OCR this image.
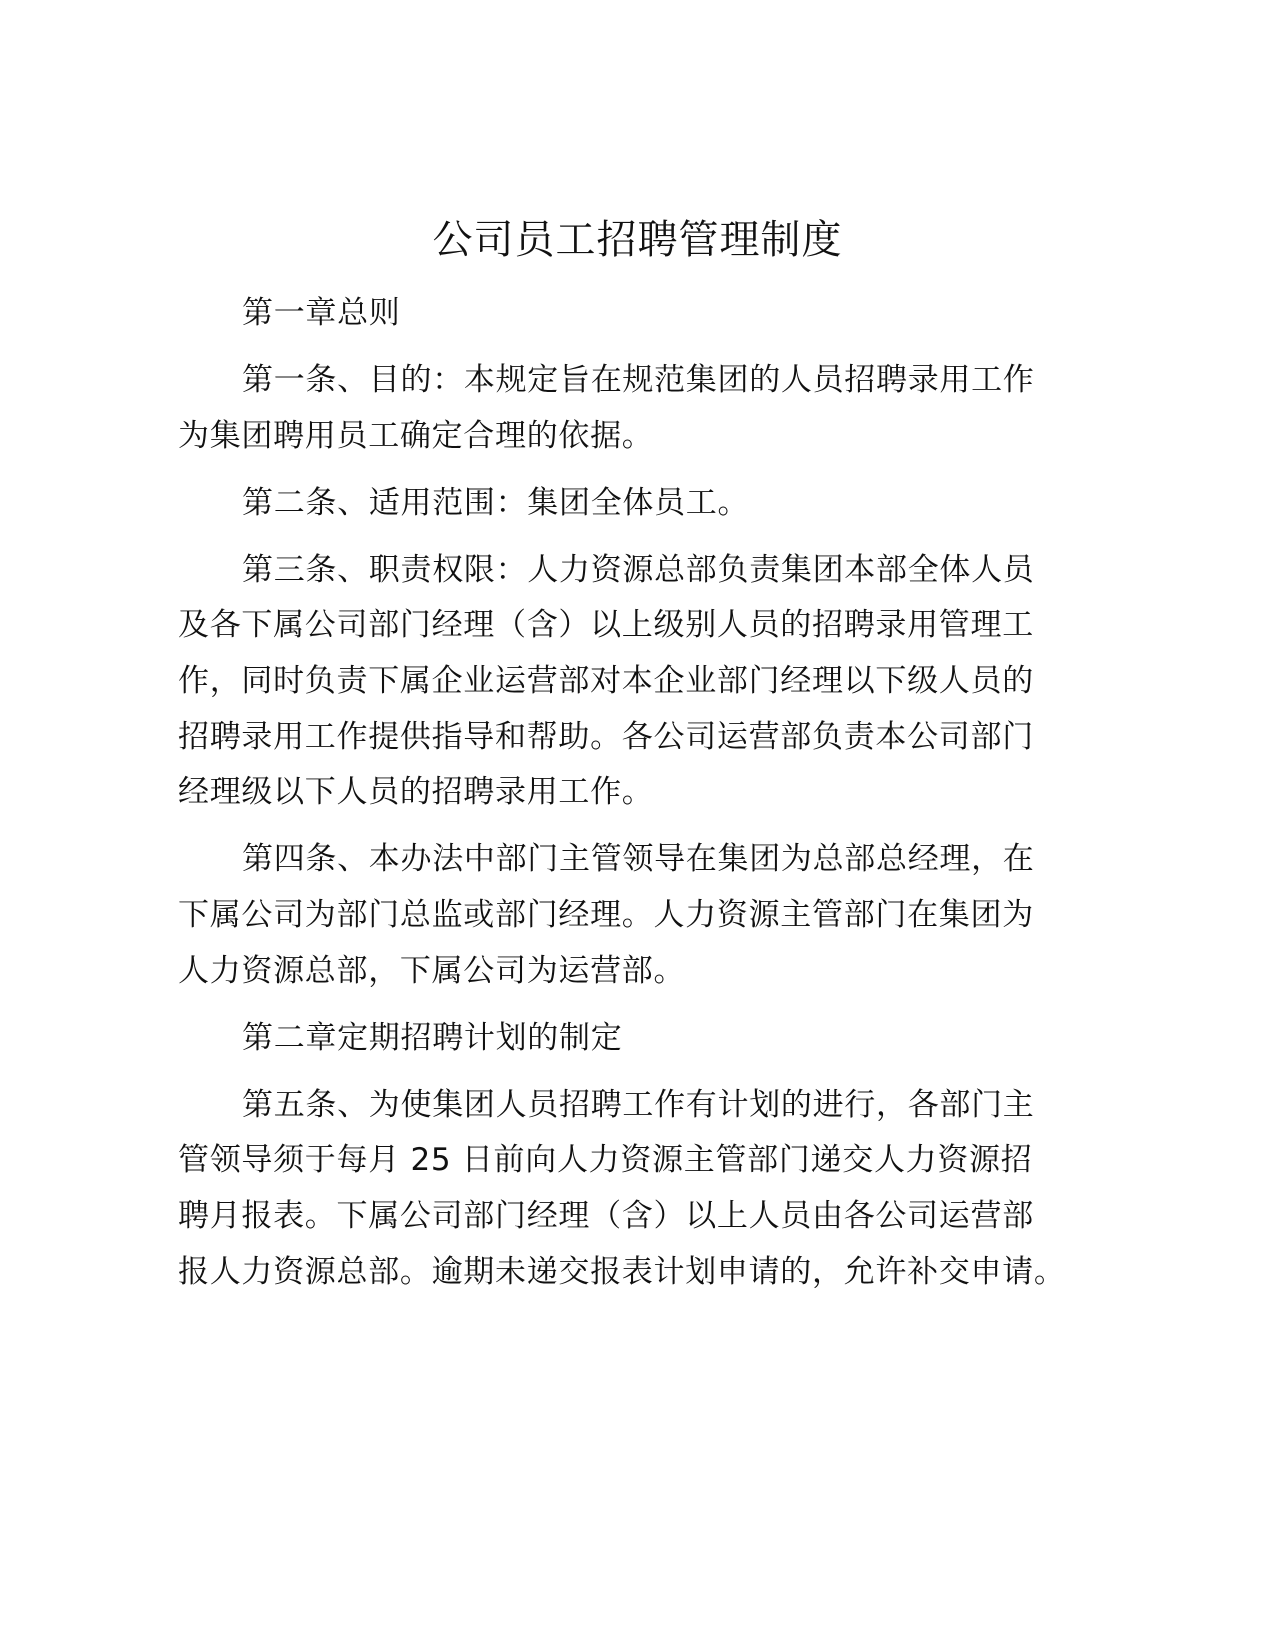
公司员工招聘管理制度
第一章总则
第一条、目的：本规定旨在规范集团的人员招聘录用工作
为集团聘用员工确定合理的依据。
第二条、适用范围：集团全体员工。
第三条、职责权限：人力资源总部负责集团本部全体人员
及各下属公司部门经理（含）以上级别人员的招聘录用管理工
作，同时负责下属企业运营部对本企业部门经理以下级人员的
招聘录用工作提供指导和帮助。各公司运营部负责本公司部门
经理级以下人员的招聘录用工作。
第四条、本办法中部门主管领导在集团为总部总经理，在
下属公司为部门总监或部门经理。人力资源主管部门在集团为
人力资源总部，下属公司为运营部。
第二章定期招聘计划的制定
第五条、为使集团人员招聘工作有计划的进行，各部门主
管领导须于每月 25 日前向人力资源主管部门递交人力资源招
聘月报表。下属公司部门经理（含）以上人员由各公司运营部
报人力资源总部。逾期未递交报表计划申请的，允许补交申请。
